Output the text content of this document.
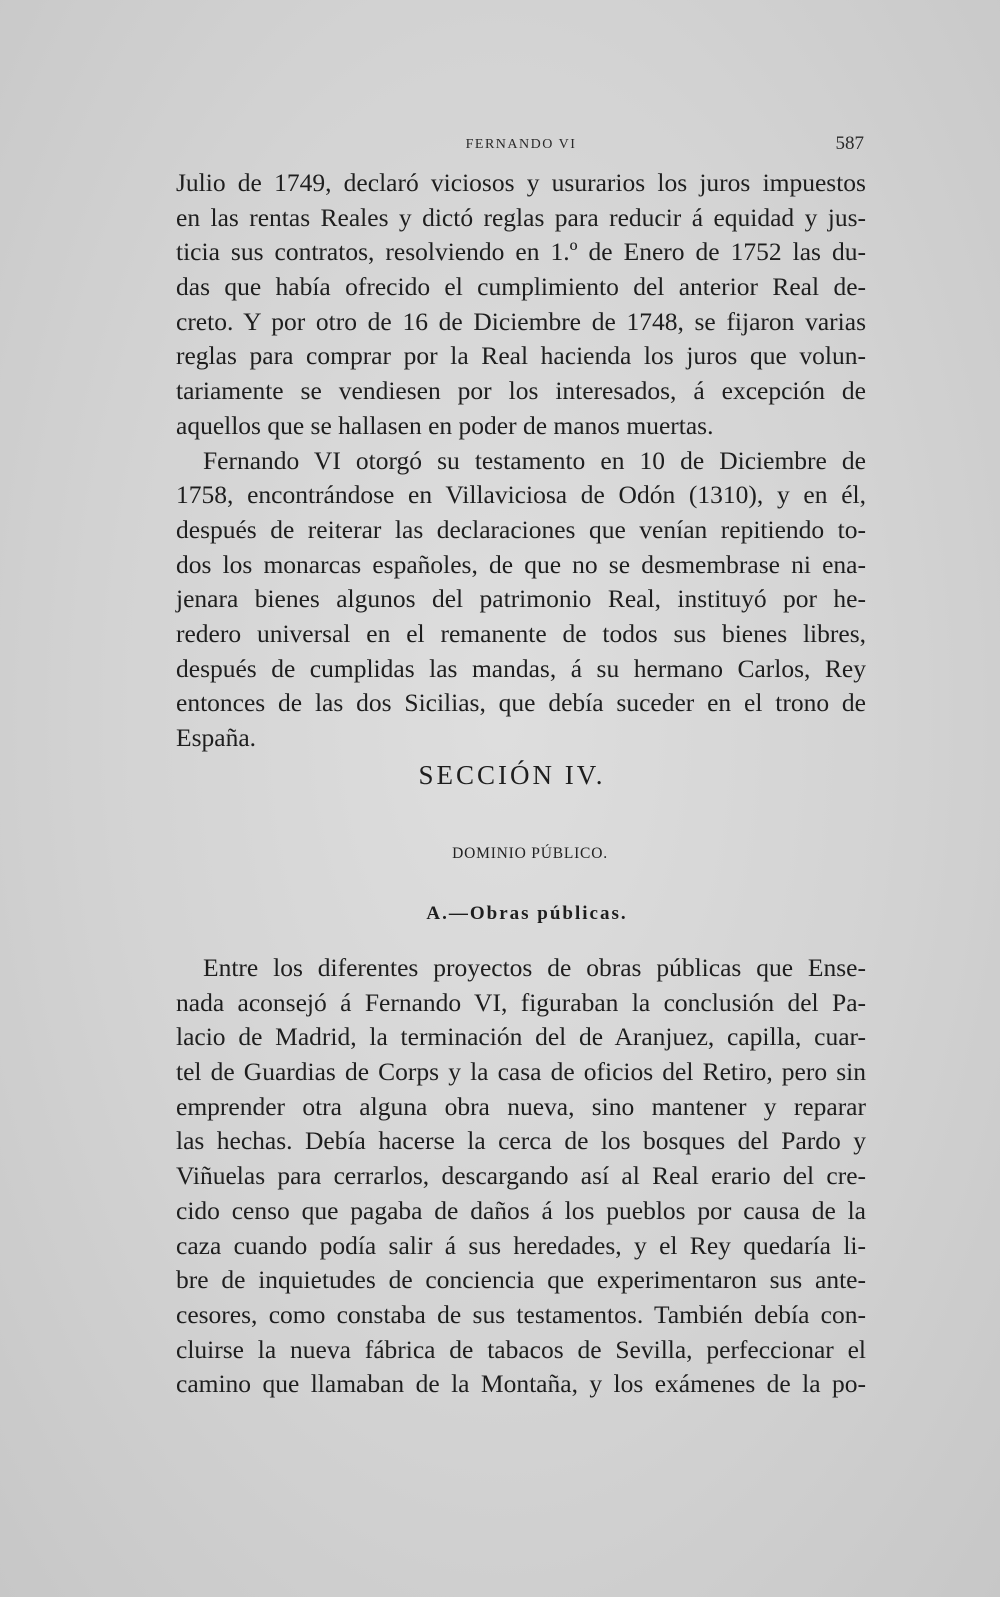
FERNANDO VI	587
Julio de 1749, declaró viciosos y usurarios los juros impuestos
en las rentas Reales y dictó reglas para reducir á equidad y jus-
ticia sus contratos, resolviendo en 1.º de Enero de 1752 las du-
das que había ofrecido el cumplimiento del anterior Real de-
creto. Y por otro de 16 de Diciembre de 1748, se fijaron varias
reglas para comprar por la Real hacienda los juros que volun-
tariamente se vendiesen por los interesados, á excepción de
aquellos que se hallasen en poder de manos muertas.
Fernando VI otorgó su testamento en 10 de Diciembre de
1758, encontrándose en Villaviciosa de Odón (1310), y en él,
después de reiterar las declaraciones que venían repitiendo to-
dos los monarcas españoles, de que no se desmembrase ni ena-
jenara bienes algunos del patrimonio Real, instituyó por he-
redero universal en el remanente de todos sus bienes libres,
después de cumplidas las mandas, á su hermano Carlos, Rey
entonces de las dos Sicilias, que debía suceder en el trono de
España.
SECCIÓN IV.
DOMINIO PÚBLICO.
A.—Obras públicas.
Entre los diferentes proyectos de obras públicas que Ense-
nada aconsejó á Fernando VI, figuraban la conclusión del Pa-
lacio de Madrid, la terminación del de Aranjuez, capilla, cuar-
tel de Guardias de Corps y la casa de oficios del Retiro, pero sin
emprender otra alguna obra nueva, sino mantener y reparar
las hechas. Debía hacerse la cerca de los bosques del Pardo y
Viñuelas para cerrarlos, descargando así al Real erario del cre-
cido censo que pagaba de daños á los pueblos por causa de la
caza cuando podía salir á sus heredades, y el Rey quedaría li-
bre de inquietudes de conciencia que experimentaron sus ante-
cesores, como constaba de sus testamentos. También debía con-
cluirse la nueva fábrica de tabacos de Sevilla, perfeccionar el
camino que llamaban de la Montaña, y los exámenes de la po-
